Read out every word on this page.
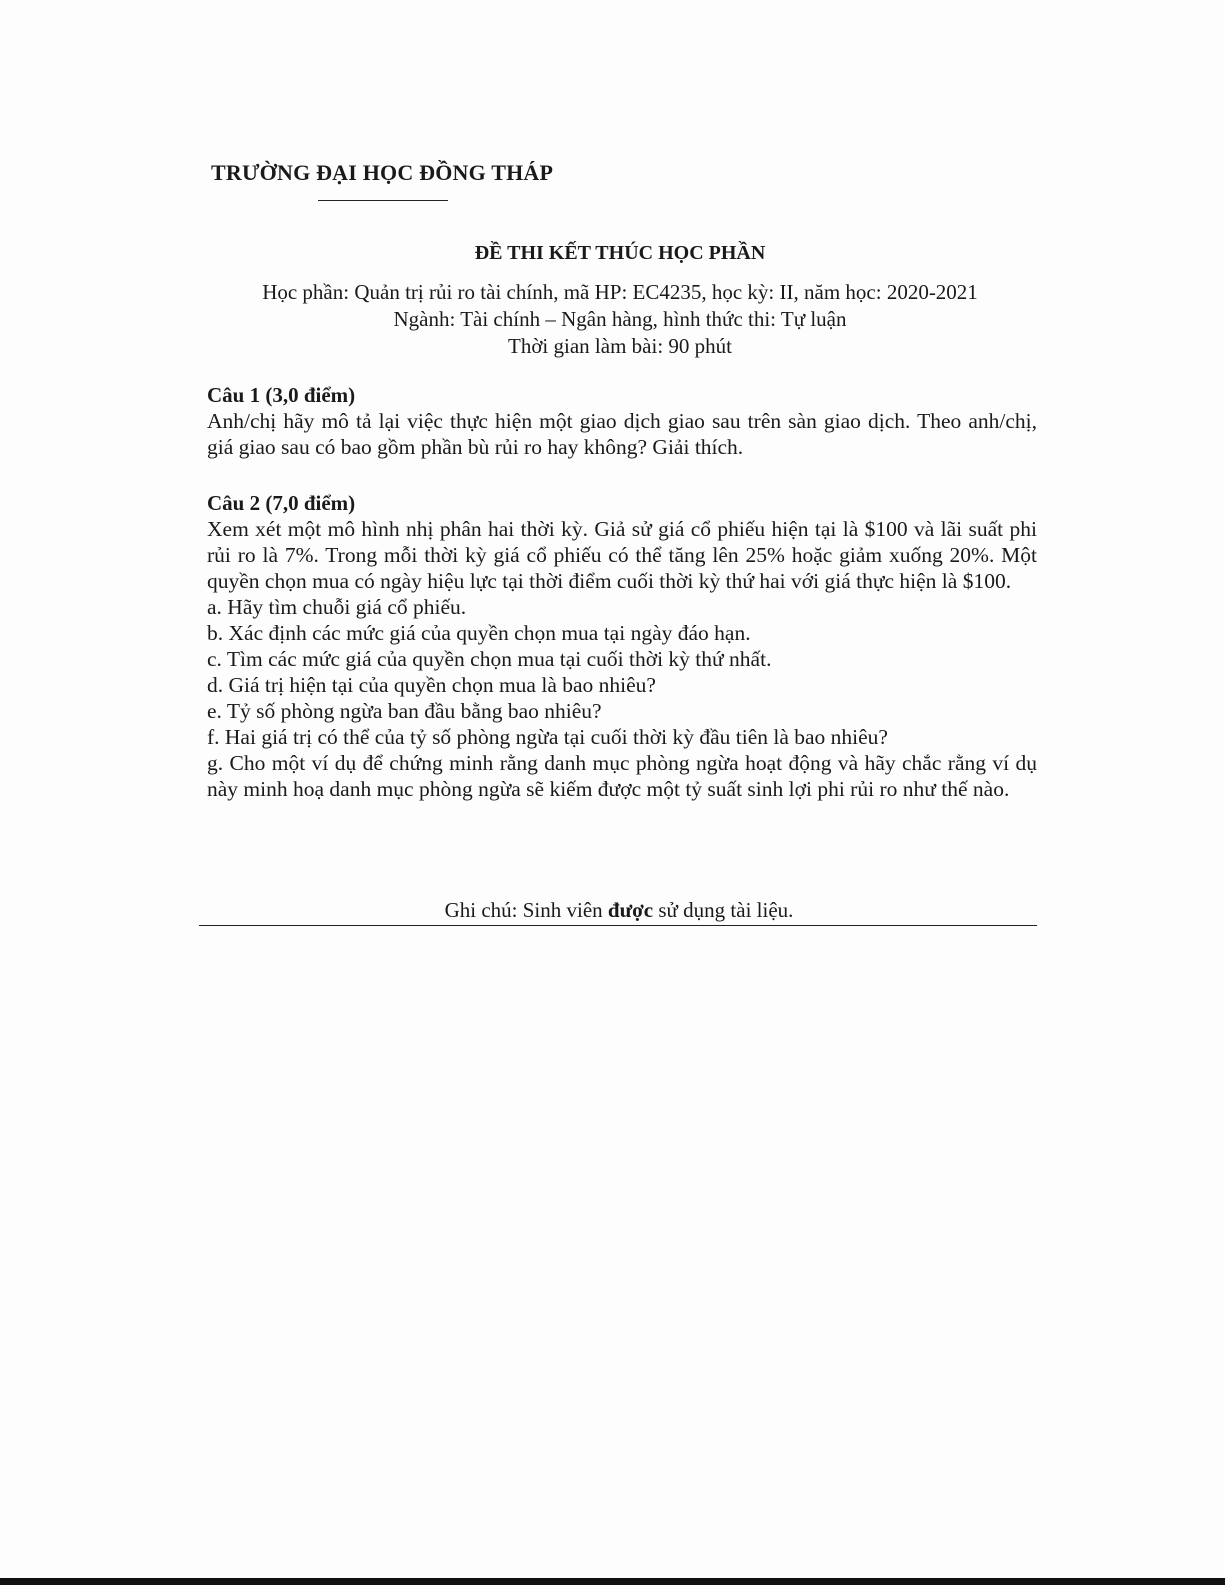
TRƯỜNG ĐẠI HỌC ĐỒNG THÁP
ĐỀ THI KẾT THÚC HỌC PHẦN
Học phần: Quản trị rủi ro tài chính, mã HP: EC4235, học kỳ: II, năm học: 2020-2021
Ngành: Tài chính – Ngân hàng, hình thức thi: Tự luận
Thời gian làm bài: 90 phút
Câu 1 (3,0 điểm)
Anh/chị hãy mô tả lại việc thực hiện một giao dịch giao sau trên sàn giao dịch. Theo anh/chị, giá giao sau có bao gồm phần bù rủi ro hay không? Giải thích.
Câu 2 (7,0 điểm)
Xem xét một mô hình nhị phân hai thời kỳ. Giả sử giá cổ phiếu hiện tại là $100 và lãi suất phi rủi ro là 7%. Trong mỗi thời kỳ giá cổ phiếu có thể tăng lên 25% hoặc giảm xuống 20%. Một quyền chọn mua có ngày hiệu lực tại thời điểm cuối thời kỳ thứ hai với giá thực hiện là $100.
a. Hãy tìm chuỗi giá cổ phiếu.
b. Xác định các mức giá của quyền chọn mua tại ngày đáo hạn.
c. Tìm các mức giá của quyền chọn mua tại cuối thời kỳ thứ nhất.
d. Giá trị hiện tại của quyền chọn mua là bao nhiêu?
e. Tỷ số phòng ngừa ban đầu bằng bao nhiêu?
f. Hai giá trị có thể của tỷ số phòng ngừa tại cuối thời kỳ đầu tiên là bao nhiêu?
g. Cho một ví dụ để chứng minh rằng danh mục phòng ngừa hoạt động và hãy chắc rằng ví dụ này minh hoạ danh mục phòng ngừa sẽ kiếm được một tỷ suất sinh lợi phi rủi ro như thế nào.
Ghi chú: Sinh viên được sử dụng tài liệu.
